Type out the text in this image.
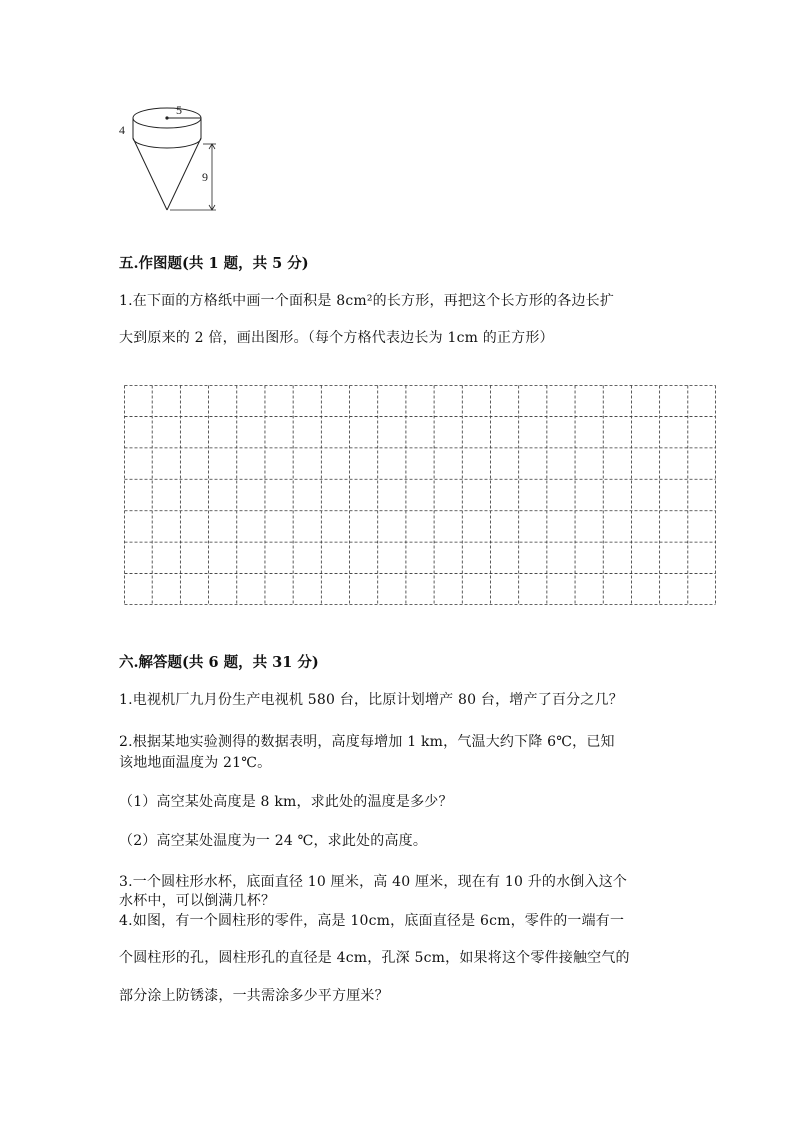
5
4
9
五.作图题(共 1 题，共 5 分)
1.在下面的方格纸中画一个面积是 8cm²的长方形，再把这个长方形的各边长扩
大到原来的 2 倍，画出图形。（每个方格代表边长为 1cm 的正方形）
六.解答题(共 6 题，共 31 分)
1.电视机厂九月份生产电视机 580 台，比原计划增产 80 台，增产了百分之几？
2.根据某地实验测得的数据表明，高度每增加 1 km，气温大约下降 6℃，已知
该地地面温度为 21℃。
（1）高空某处高度是 8 km，求此处的温度是多少？
（2）高空某处温度为一 24 ℃，求此处的高度。
3.一个圆柱形水杯，底面直径 10 厘米，高 40 厘米，现在有 10 升的水倒入这个
水杯中，可以倒满几杯？
4.如图，有一个圆柱形的零件，高是 10cm，底面直径是 6cm，零件的一端有一
个圆柱形的孔，圆柱形孔的直径是 4cm，孔深 5cm，如果将这个零件接触空气的
部分涂上防锈漆，一共需涂多少平方厘米？
